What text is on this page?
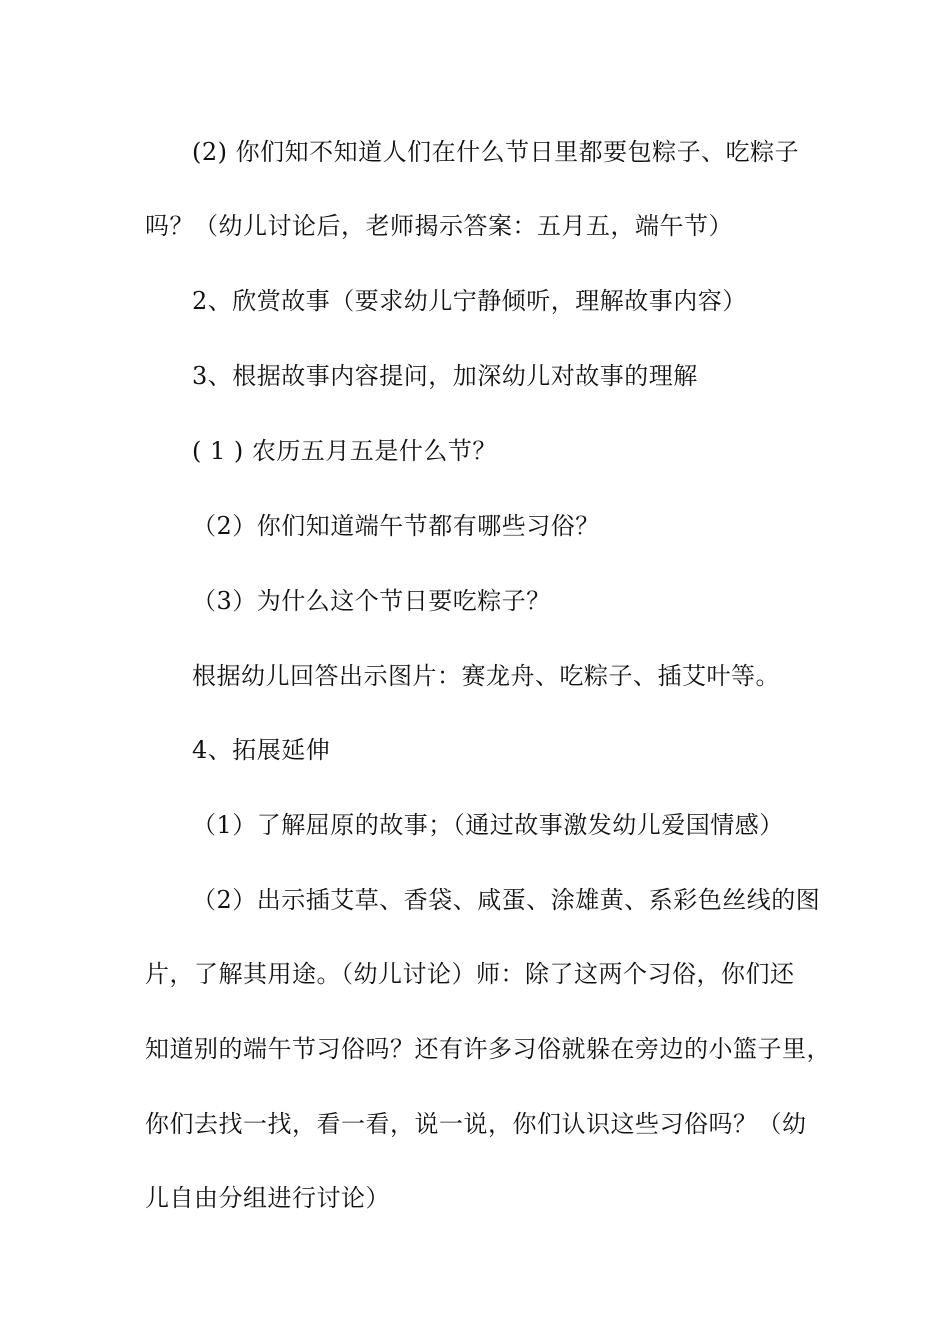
(2) 你们知不知道人们在什么节日里都要包粽子、吃粽子
吗？（幼儿讨论后，老师揭示答案：五月五，端午节）
2、欣赏故事（要求幼儿宁静倾听，理解故事内容）
3、根据故事内容提问，加深幼儿对故事的理解
( 1 ) 农历五月五是什么节？
（2）你们知道端午节都有哪些习俗？
（3）为什么这个节日要吃粽子？
根据幼儿回答出示图片：赛龙舟、吃粽子、插艾叶等。
4、拓展延伸
（1）了解屈原的故事；（通过故事激发幼儿爱国情感）
（2）出示插艾草、香袋、咸蛋、涂雄黄、系彩色丝线的图
片，了解其用途。（幼儿讨论）师：除了这两个习俗，你们还
知道别的端午节习俗吗？还有许多习俗就躲在旁边的小篮子里，
你们去找一找，看一看，说一说，你们认识这些习俗吗？（幼
儿自由分组进行讨论）
